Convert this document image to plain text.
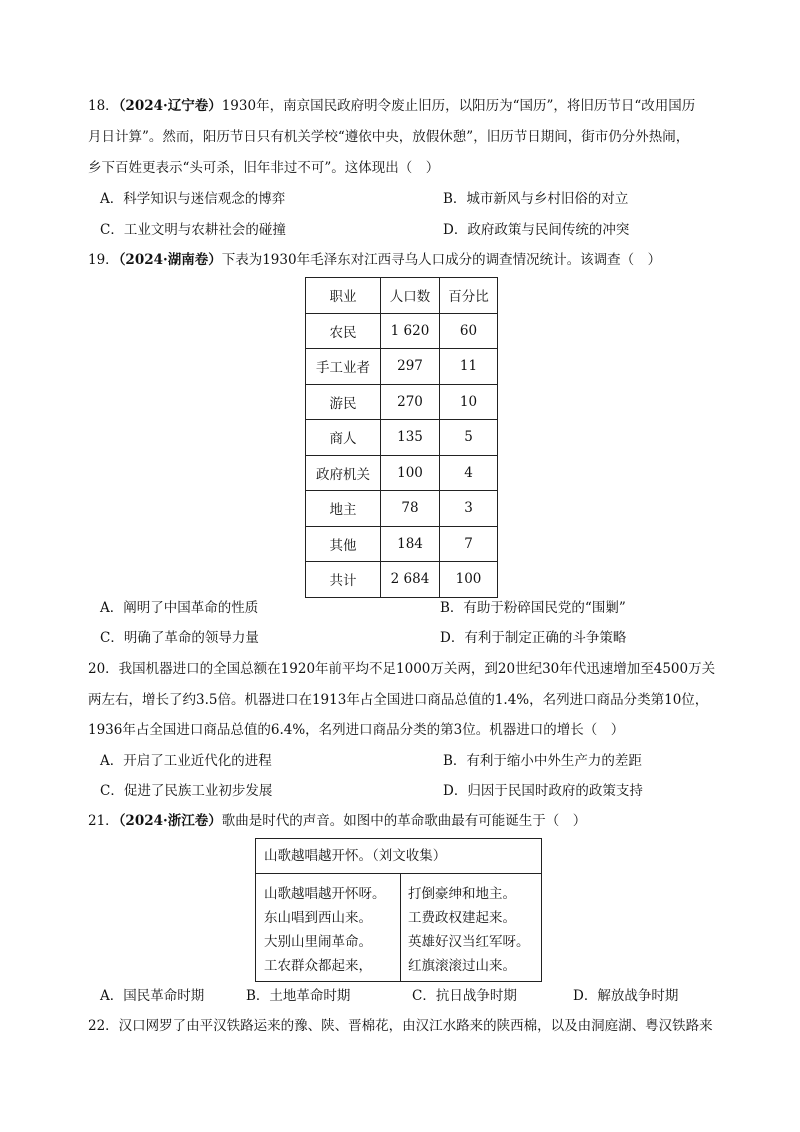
18．（2024·辽宁卷）1930年，南京国民政府明令废止旧历，以阳历为“国历”，将旧历节日“改用国历
月日计算”。然而，阳历节日只有机关学校“遵依中央，放假休憩”，旧历节日期间，街市仍分外热闹，
乡下百姓更表示“头可杀，旧年非过不可”。这体现出（　）
A．科学知识与迷信观念的博弈	B．城市新风与乡村旧俗的对立
C．工业文明与农耕社会的碰撞	D．政府政策与民间传统的冲突
19．（2024·湖南卷）下表为1930年毛泽东对江西寻乌人口成分的调查情况统计。该调查（　）
职业	人口数	百分比
农民	1 620	60
手工业者	297	11
游民	270	10
商人	135	5
政府机关	100	4
地主	78	3
其他	184	7
共计	2 684	100
A．阐明了中国革命的性质	B．有助于粉碎国民党的“围剿”
C．明确了革命的领导力量	D．有利于制定正确的斗争策略
20．我国机器进口的全国总额在1920年前平均不足1000万关两，到20世纪30年代迅速增加至4500万关
两左右，增长了约3.5倍。机器进口在1913年占全国进口商品总值的1.4%，名列进口商品分类第10位，
1936年占全国进口商品总值的6.4%，名列进口商品分类的第3位。机器进口的增长（　）
A．开启了工业近代化的进程	B．有利于缩小中外生产力的差距
C．促进了民族工业初步发展	D．归因于民国时政府的政策支持
21．（2024·浙江卷）歌曲是时代的声音。如图中的革命歌曲最有可能诞生于（　）
山歌越唱越开怀。（刘文收集）
山歌越唱越开怀呀。
东山唱到西山来。
大别山里闹革命。
工农群众都起来，
打倒豪绅和地主。
工费政权建起来。
英雄好汉当红军呀。
红旗滚滚过山来。
A．国民革命时期	B．土地革命时期	C．抗日战争时期	D．解放战争时期
22．汉口网罗了由平汉铁路运来的豫、陕、晋棉花，由汉江水路来的陕西棉，以及由洞庭湖、粤汉铁路来
